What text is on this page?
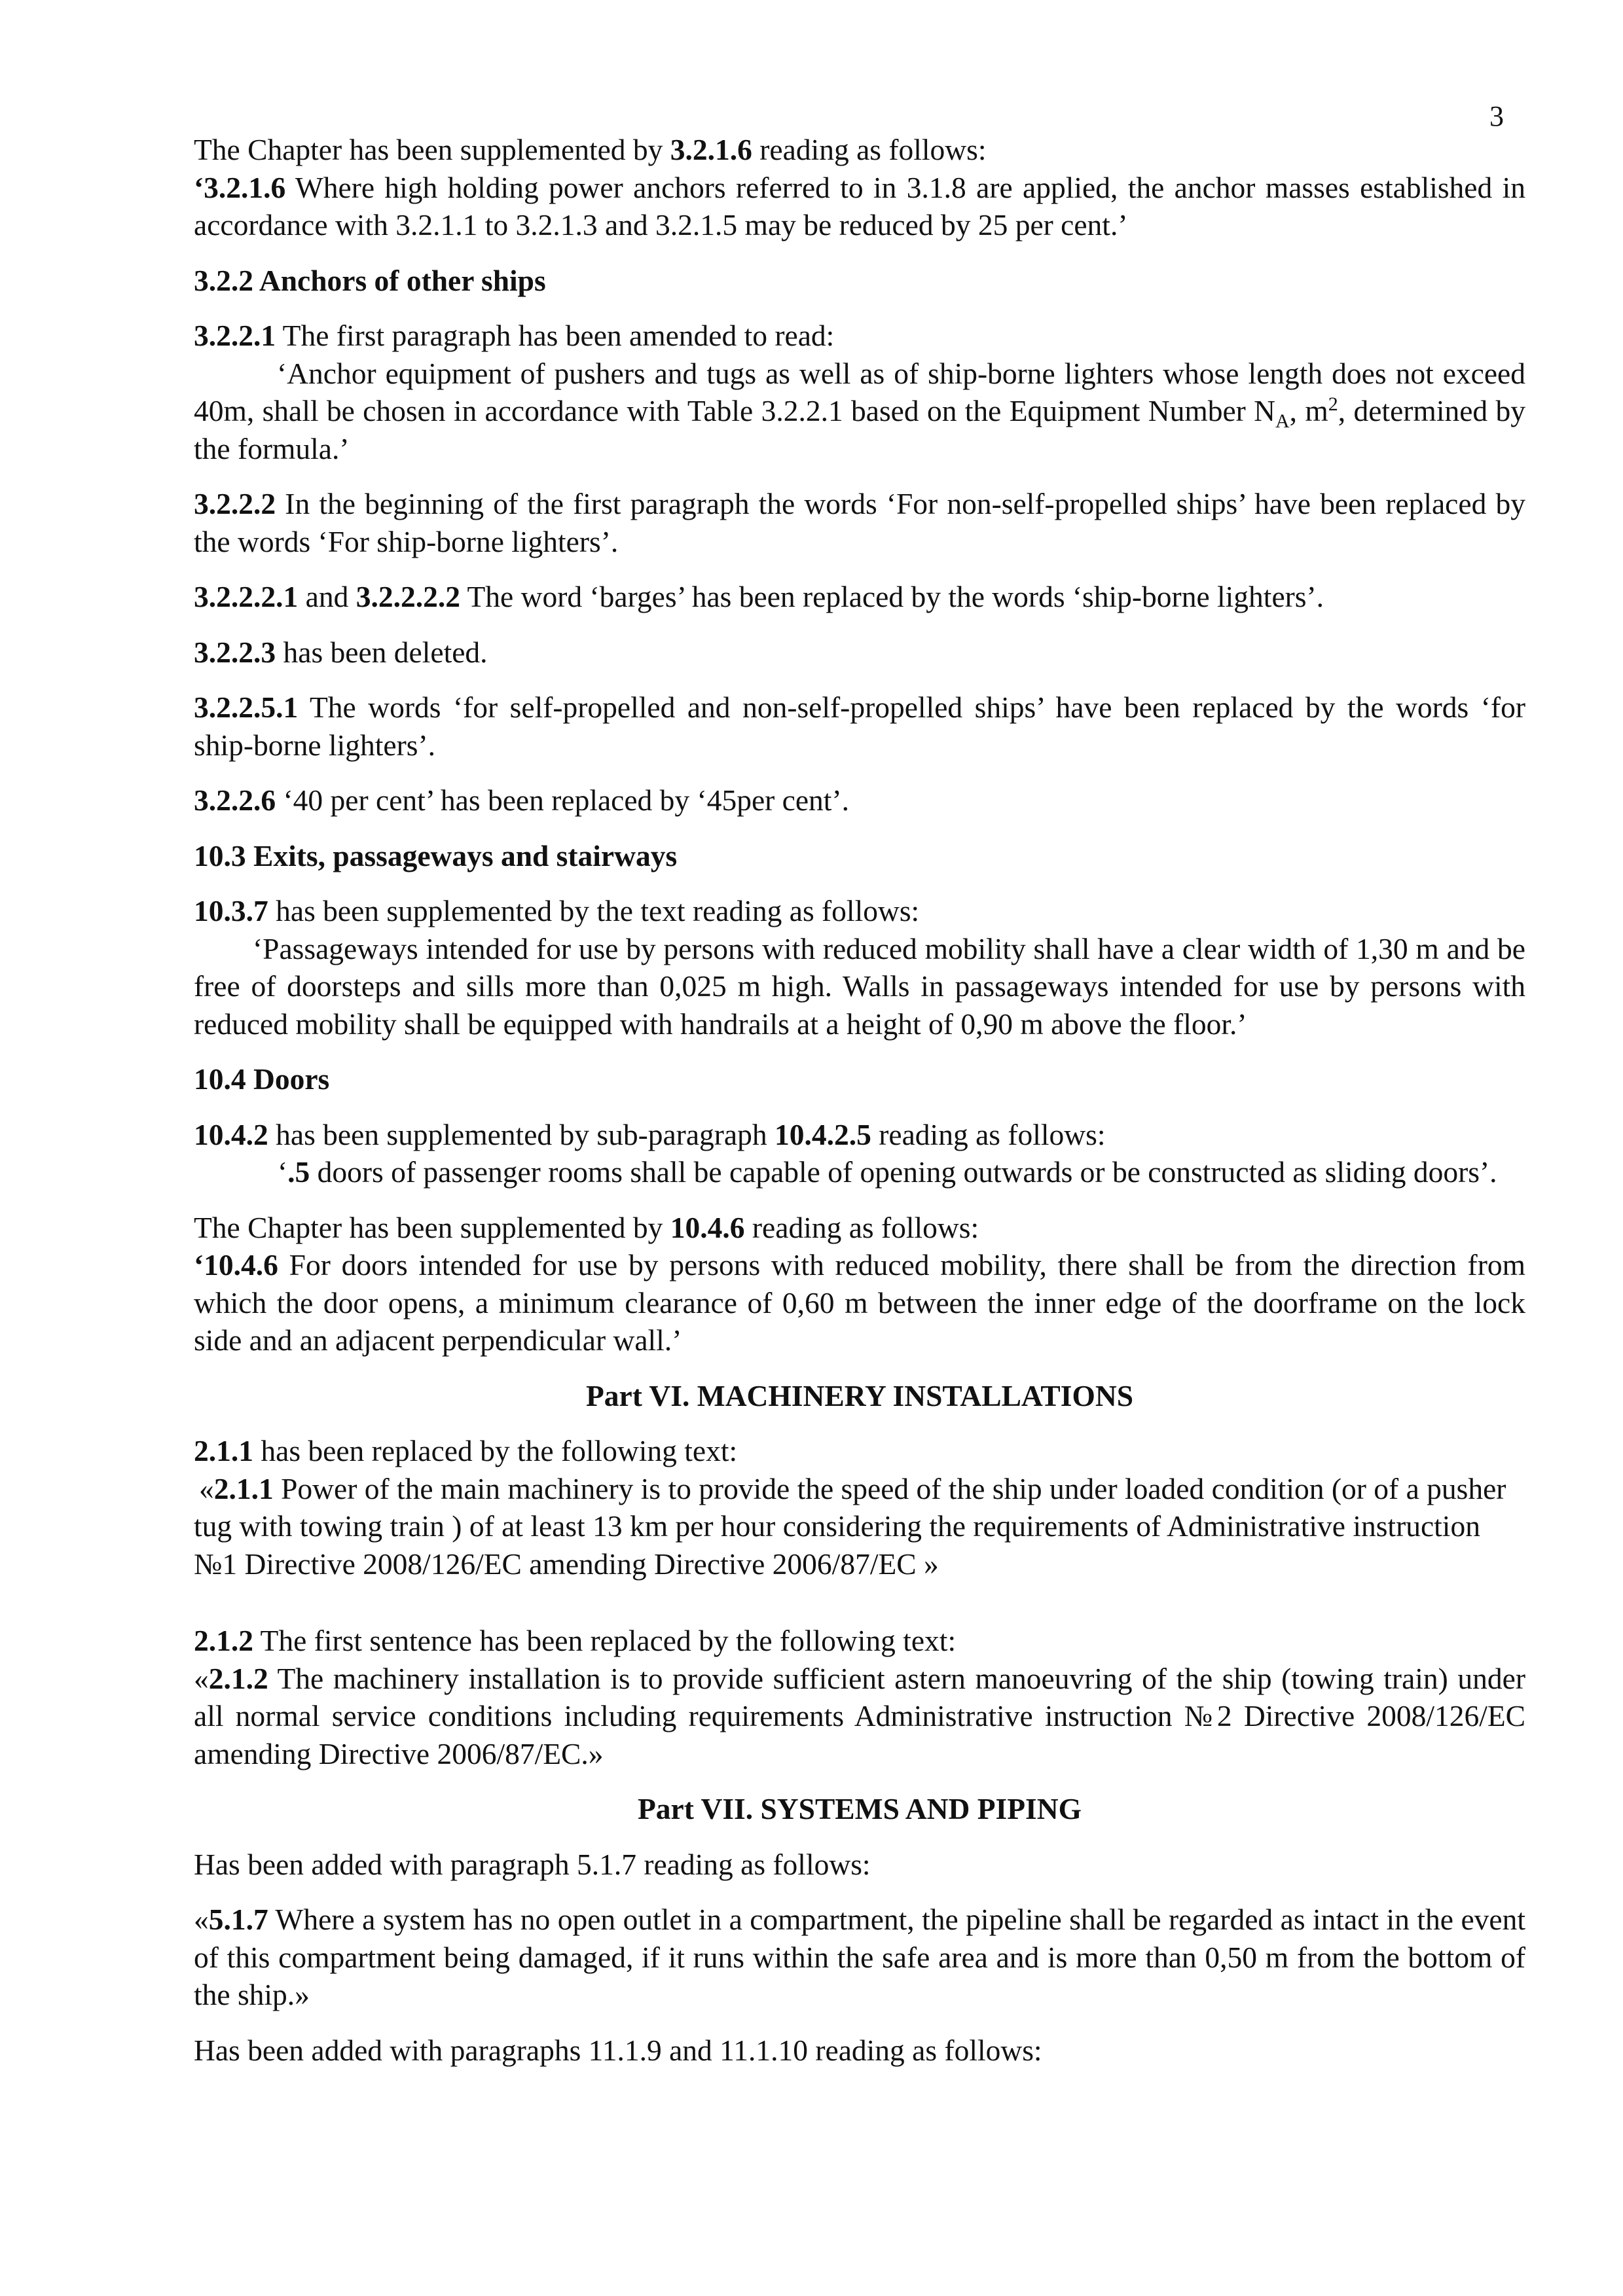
3

The Chapter has been supplemented by 3.2.1.6 reading as follows:

‘3.2.1.6 Where high holding power anchors referred to in 3.1.8 are applied, the anchor masses established in accordance with 3.2.1.1 to 3.2.1.3 and 3.2.1.5 may be reduced by 25 per cent.’

3.2.2 Anchors of other ships

3.2.2.1 The first paragraph has been amended to read:

‘Anchor equipment of pushers and tugs as well as of ship-borne lighters whose length does not exceed 40m, shall be chosen in accordance with Table 3.2.2.1 based on the Equipment Number $N_A$, $m^2$, determined by the formula.’

3.2.2.2 In the beginning of the first paragraph the words ‘For non-self-propelled ships’ have been replaced by the words ‘For ship-borne lighters’.

3.2.2.2.1 and 3.2.2.2.2 The word ‘barges’ has been replaced by the words ‘ship-borne lighters’.

3.2.2.3 has been deleted.

3.2.2.5.1 The words ‘for self-propelled and non-self-propelled ships’ have been replaced by the words ‘for ship-borne lighters’.

3.2.2.6 ‘40 per cent’ has been replaced by ‘45per cent’.

10.3 Exits, passageways and stairways

10.3.7 has been supplemented by the text reading as follows:

‘Passageways intended for use by persons with reduced mobility shall have a clear width of 1,30 m and be free of doorsteps and sills more than 0,025 m high. Walls in passageways intended for use by persons with reduced mobility shall be equipped with handrails at a height of 0,90 m above the floor.’

10.4 Doors

10.4.2 has been supplemented by sub-paragraph 10.4.2.5 reading as follows:

‘.5 doors of passenger rooms shall be capable of opening outwards or be constructed as sliding doors’.

The Chapter has been supplemented by 10.4.6 reading as follows:

‘10.4.6 For doors intended for use by persons with reduced mobility, there shall be from the direction from which the door opens, a minimum clearance of 0,60 m between the inner edge of the doorframe on the lock side and an adjacent perpendicular wall.’

Part VI. MACHINERY INSTALLATIONS

2.1.1 has been replaced by the following text:

«2.1.1 Power of the main machinery is to provide the speed of the ship under loaded condition (or of a pusher tug with towing train ) of at least 13 km per hour considering the requirements of Administrative instruction №1 Directive 2008/126/EC amending Directive 2006/87/EC »

2.1.2 The first sentence has been replaced by the following text:

«2.1.2 The machinery installation is to provide sufficient astern manoeuvring of the ship (towing train) under all normal service conditions including requirements Administrative instruction №2 Directive 2008/126/EC amending Directive 2006/87/EC.»

Part VII. SYSTEMS AND PIPING

Has been added with paragraph 5.1.7 reading as follows:

«5.1.7 Where a system has no open outlet in a compartment, the pipeline shall be regarded as intact in the event of this compartment being damaged, if it runs within the safe area and is more than 0,50 m from the bottom of the ship.»

Has been added with paragraphs 11.1.9 and 11.1.10 reading as follows:
